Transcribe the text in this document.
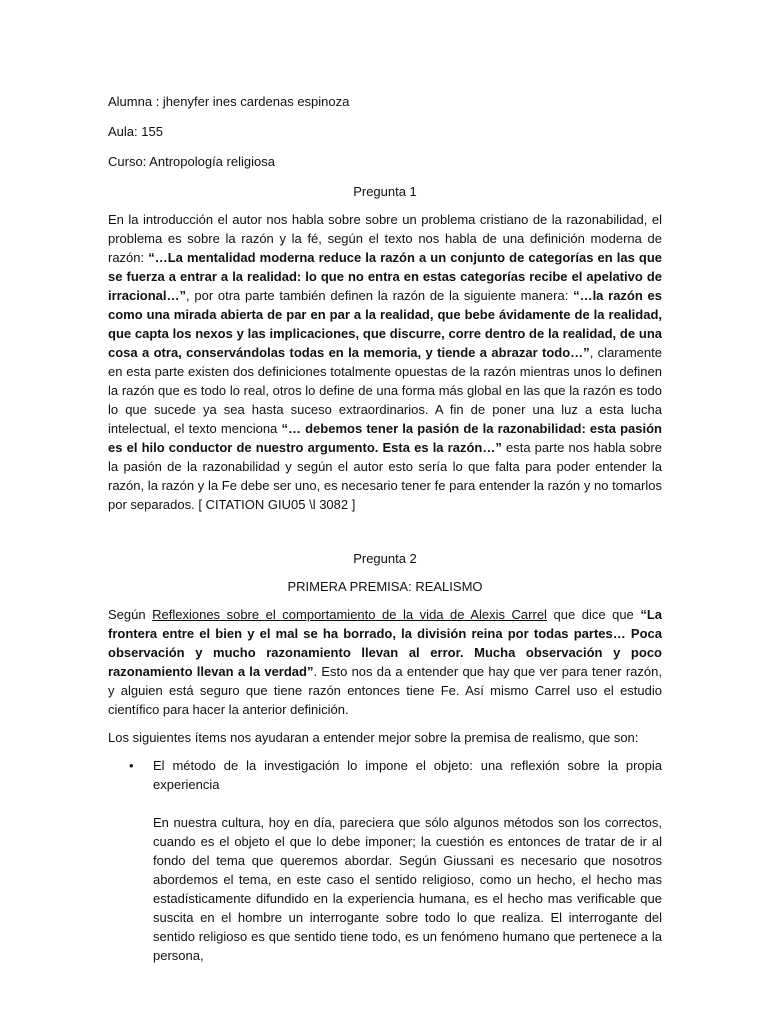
Alumna : jhenyfer ines cardenas espinoza

Aula: 155

Curso: Antropología religiosa

Pregunta 1

En la introducción el autor nos habla sobre sobre un problema cristiano de la razonabilidad, el problema es sobre la razón y la fé, según el texto nos habla de una definición moderna de razón: “…La mentalidad moderna reduce la razón a un conjunto de categorías en las que se fuerza a entrar a la realidad: lo que no entra en estas categorías recibe el apelativo de irracional…”, por otra parte también definen la razón de la siguiente manera: “…la razón es como una mirada abierta de par en par a la realidad, que bebe ávidamente de la realidad, que capta los nexos y las implicaciones, que discurre, corre dentro de la realidad, de una cosa a otra, conservándolas todas en la memoria, y tiende a abrazar todo…”, claramente en esta parte existen dos definiciones totalmente opuestas de la razón mientras unos lo definen la razón que es todo lo real, otros lo define de una forma más global en las que la razón es todo lo que sucede ya sea hasta suceso extraordinarios. A fin de poner una luz a esta lucha intelectual, el texto menciona “… debemos tener la pasión de la razonabilidad: esta pasión es el hilo conductor de nuestro argumento. Esta es la razón…” esta parte nos habla sobre la pasión de la razonabilidad y según el autor esto sería lo que falta para poder entender la razón, la razón y la Fe debe ser uno, es necesario tener fe para entender la razón y no tomarlos por separados. [ CITATION GIU05 \l 3082 ]

Pregunta 2

PRIMERA PREMISA: REALISMO

Según Reflexiones sobre el comportamiento de la vida de Alexis Carrel que dice que “La frontera entre el bien y el mal se ha borrado, la división reina por todas partes… Poca observación y mucho razonamiento llevan al error. Mucha observación y poco razonamiento llevan a la verdad”. Esto nos da a entender que hay que ver para tener razón, y alguien está seguro que tiene razón entonces tiene Fe. Así mismo Carrel uso el estudio científico para hacer la anterior definición.

Los siguientes ítems nos ayudaran a entender mejor sobre la premisa de realismo, que son:

• El método de la investigación lo impone el objeto: una reflexión sobre la propia experiencia

En nuestra cultura, hoy en día, pareciera que sólo algunos métodos son los correctos, cuando es el objeto el que lo debe imponer; la cuestión es entonces de tratar de ir al fondo del tema que queremos abordar. Según Giussani es necesario que nosotros abordemos el tema, en este caso el sentido religioso, como un hecho, el hecho mas estadísticamente difundido en la experiencia humana, es el hecho mas verificable que suscita en el hombre un interrogante sobre todo lo que realiza. El interrogante del sentido religioso es que sentido tiene todo, es un fenómeno humano que pertenece a la persona,
